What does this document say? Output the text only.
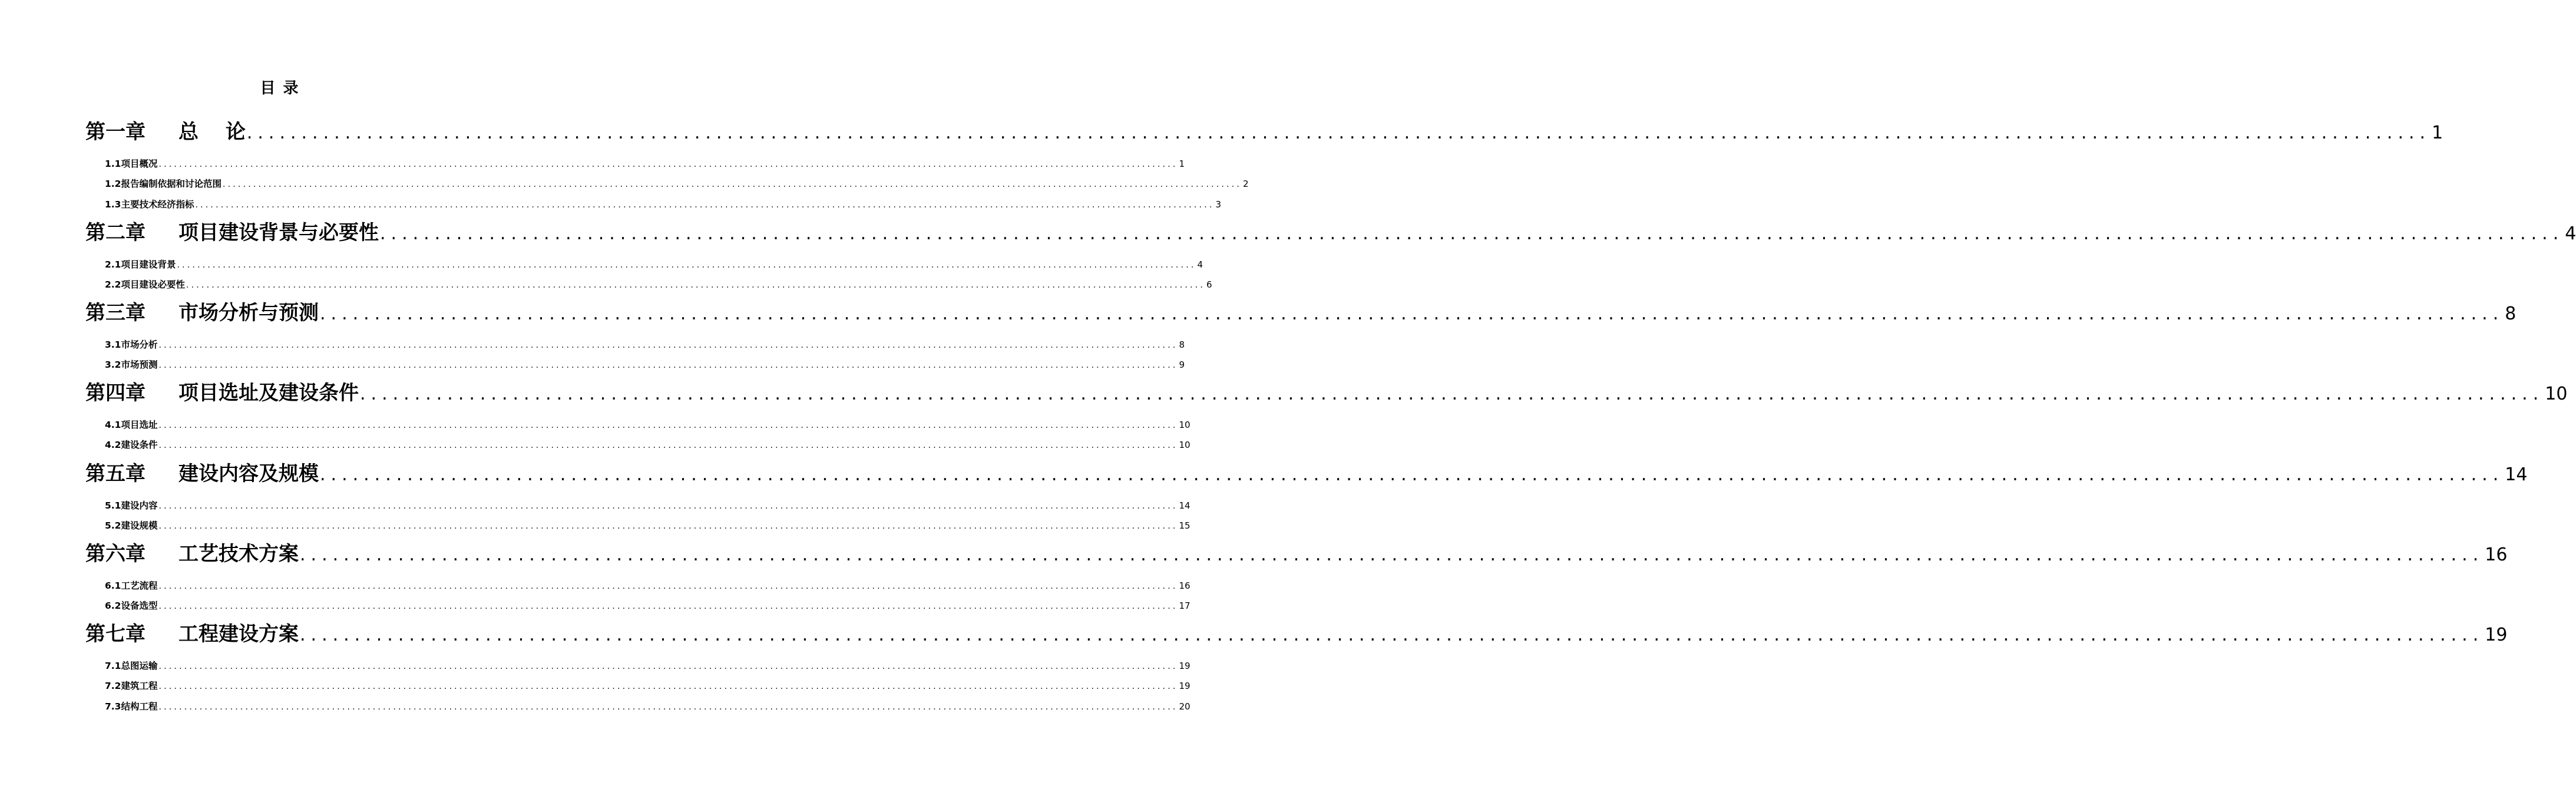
目 录
第一章	总　 论 ........................................................................................................................................................................................................ 1
1.1项目概况 ........................................................................................................................................................................................................ 1
1.2报告编制依据和讨论范围 ........................................................................................................................................................................................................ 2
1.3主要技术经济指标 ........................................................................................................................................................................................................ 3
第二章	项目建设背景与必要性 ........................................................................................................................................................................................................ 4
2.1项目建设背景 ........................................................................................................................................................................................................ 4
2.2项目建设必要性 ........................................................................................................................................................................................................ 6
第三章	市场分析与预测 ........................................................................................................................................................................................................ 8
3.1市场分析 ........................................................................................................................................................................................................ 8
3.2市场预测 ........................................................................................................................................................................................................ 9
第四章	项目选址及建设条件 ........................................................................................................................................................................................................ 10
4.1项目选址 ........................................................................................................................................................................................................ 10
4.2建设条件 ........................................................................................................................................................................................................ 10
第五章	建设内容及规模 ........................................................................................................................................................................................................ 14
5.1建设内容 ........................................................................................................................................................................................................ 14
5.2建设规模 ........................................................................................................................................................................................................ 15
第六章	工艺技术方案 ........................................................................................................................................................................................................ 16
6.1工艺流程 ........................................................................................................................................................................................................ 16
6.2设备选型 ........................................................................................................................................................................................................ 17
第七章	工程建设方案 ........................................................................................................................................................................................................ 19
7.1总图运输 ........................................................................................................................................................................................................ 19
7.2建筑工程 ........................................................................................................................................................................................................ 19
7.3结构工程 ........................................................................................................................................................................................................ 20
